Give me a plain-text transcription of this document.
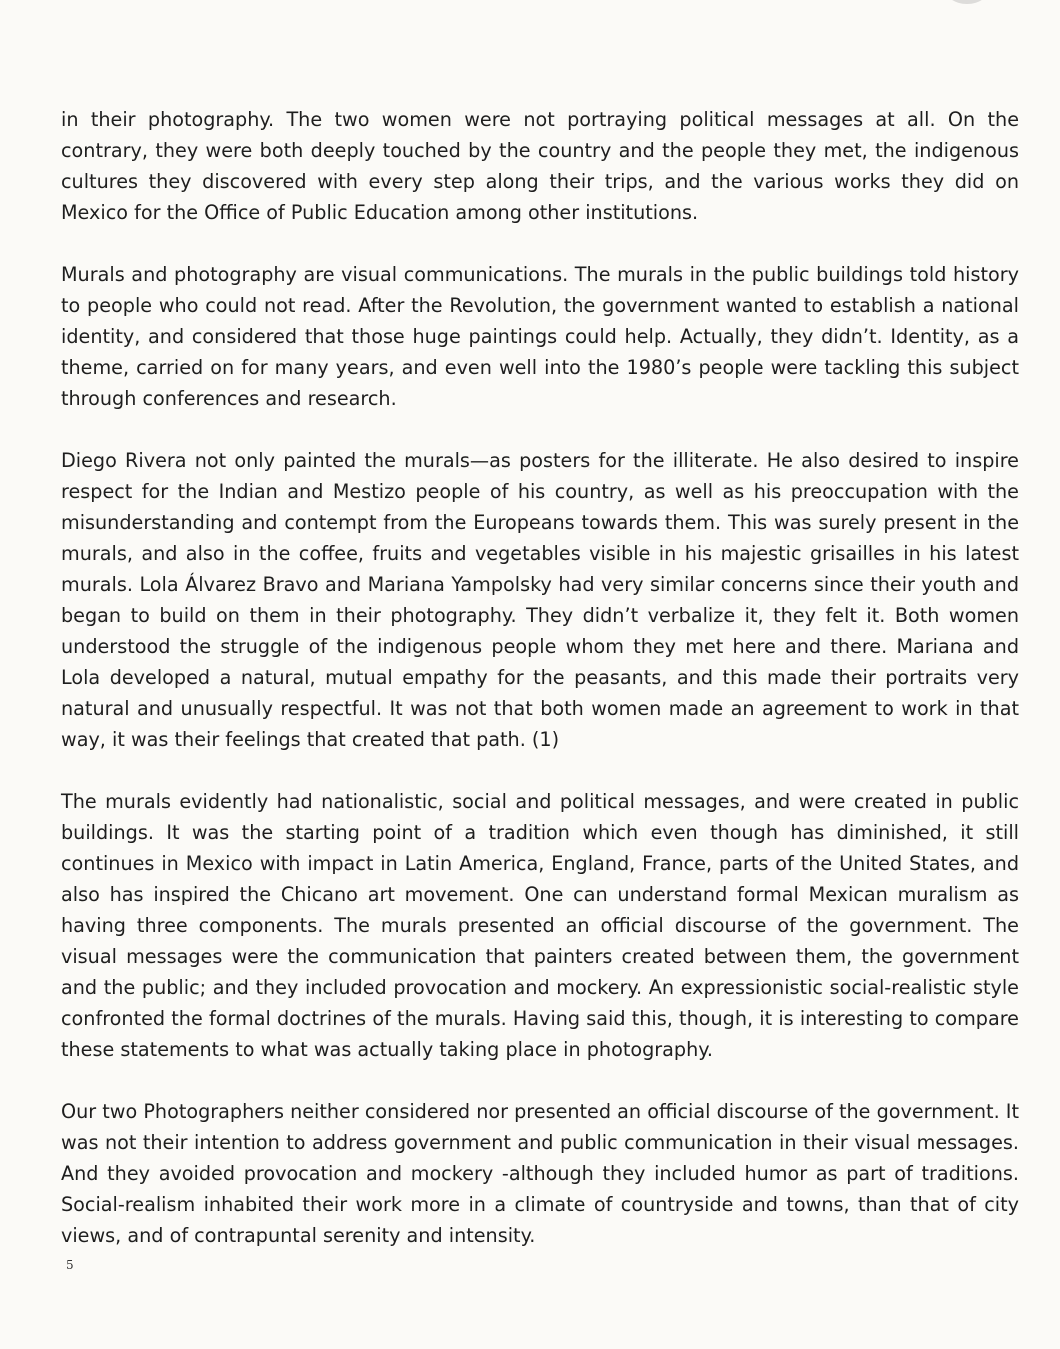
in their photography. The two women were not portraying political messages at all. On the contrary, they were both deeply touched by the country and the people they met, the indigenous cultures they discovered with every step along their trips, and the various works they did on Mexico for the Office of Public Education among other institutions.

Murals and photography are visual communications. The murals in the public buildings told history to people who could not read. After the Revolution, the government wanted to establish a national identity, and considered that those huge paintings could help. Actually, they didn’t. Identity, as a theme, carried on for many years, and even well into the 1980’s people were tackling this subject through conferences and research.

Diego Rivera not only painted the murals—as posters for the illiterate. He also desired to inspire respect for the Indian and Mestizo people of his country, as well as his preoccupation with the misunderstanding and contempt from the Europeans towards them. This was surely present in the murals, and also in the coffee, fruits and vegetables visible in his majestic grisailles in his latest murals. Lola Álvarez Bravo and Mariana Yampolsky had very similar concerns since their youth and began to build on them in their photography. They didn’t verbalize it, they felt it. Both women understood the struggle of the indigenous people whom they met here and there. Mariana and Lola developed a natural, mutual empathy for the peasants, and this made their portraits very natural and unusually respectful. It was not that both women made an agreement to work in that way, it was their feelings that created that path. (1)

The murals evidently had nationalistic, social and political messages, and were created in public buildings. It was the starting point of a tradition which even though has diminished, it still continues in Mexico with impact in Latin America, England, France, parts of the United States, and also has inspired the Chicano art movement. One can understand formal Mexican muralism as having three components. The murals presented an official discourse of the government. The visual messages were the communication that painters created between them, the government and the public; and they included provocation and mockery. An expressionistic social-realistic style confronted the formal doctrines of the murals. Having said this, though, it is interesting to compare these statements to what was actually taking place in photography.

Our two Photographers neither considered nor presented an official discourse of the government. It was not their intention to address government and public communication in their visual messages. And they avoided provocation and mockery -although they included humor as part of traditions. Social-realism inhabited their work more in a climate of countryside and towns, than that of city views, and of contrapuntal serenity and intensity.

5
